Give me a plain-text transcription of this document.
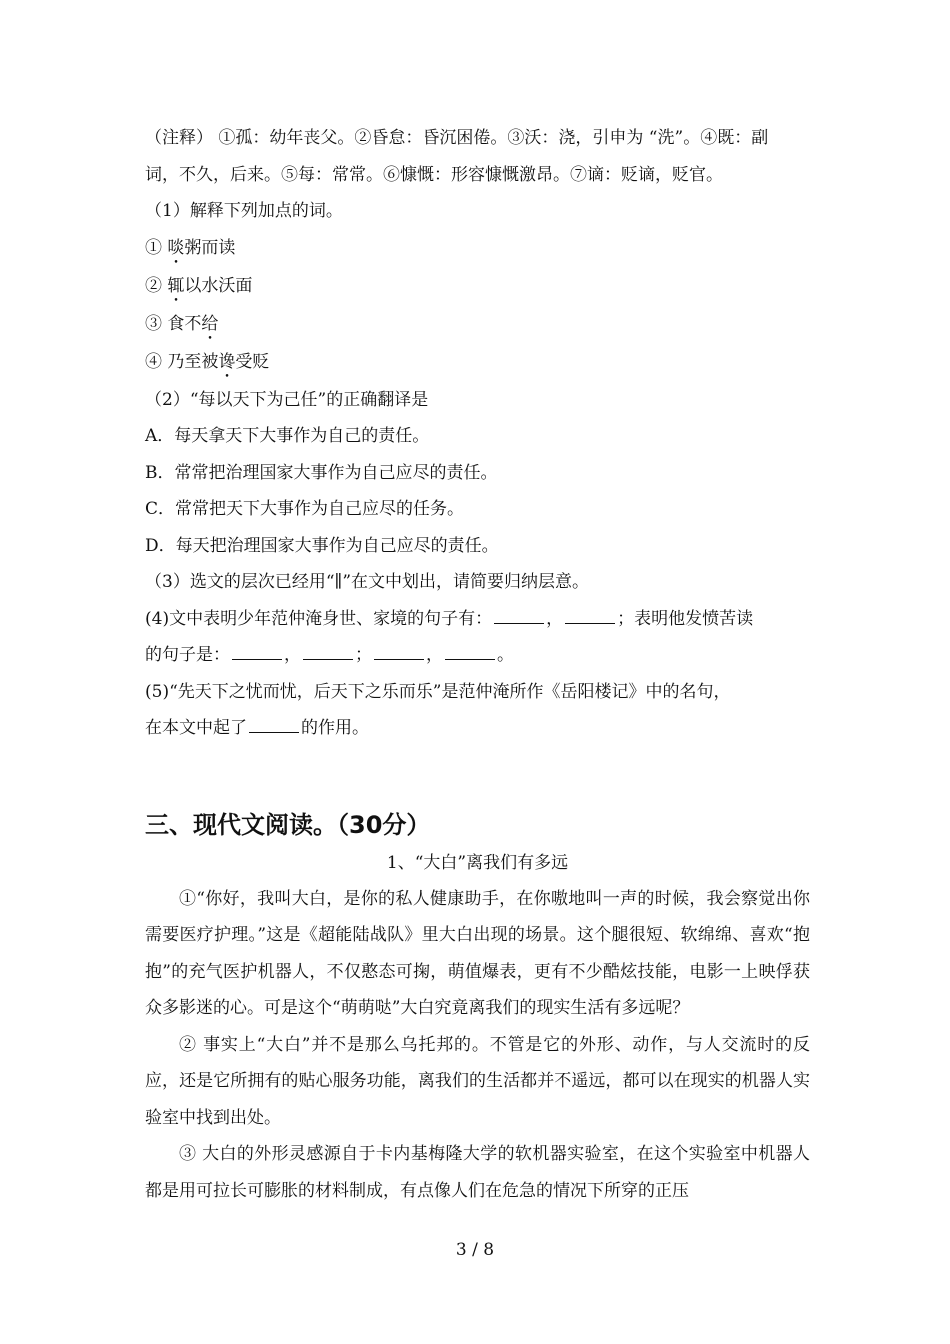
（注释） ①孤：幼年丧父。②昏怠：昏沉困倦。③沃：浇，引申为 “洗”。④既：副
词，不久，后来。⑤每：常常。⑥慷慨：形容慷慨激昂。⑦谪：贬谪，贬官。
（1）解释下列加点的词。
① 啖粥而读
② 辄以水沃面
③ 食不给
④ 乃至被谗受贬
（2）“每以天下为己任”的正确翻译是
A．每天拿天下大事作为自己的责任。
B．常常把治理国家大事作为自己应尽的责任。
C．常常把天下大事作为自己应尽的任务。
D．每天把治理国家大事作为自己应尽的责任。
（3）选文的层次已经用“∥”在文中划出，请简要归纳层意。
(4)文中表明少年范仲淹身世、家境的句子有：	，	；表明他发愤苦读
的句子是：	，	；	，	。
(5)“先天下之忧而忧，后天下之乐而乐”是范仲淹所作《岳阳楼记》中的名句，
在本文中起了	的作用。
三、现代文阅读。（30分）
1、“大白”离我们有多远
①“你好，我叫大白，是你的私人健康助手，在你嗷地叫一声的时候，我会察觉出你需要医疗护理。”这是《超能陆战队》里大白出现的场景。这个腿很短、软绵绵、喜欢“抱抱”的充气医护机器人，不仅憨态可掬，萌值爆表，更有不少酷炫技能，电影一上映俘获众多影迷的心。可是这个“萌萌哒”大白究竟离我们的现实生活有多远呢？
② 事实上“大白”并不是那么乌托邦的。不管是它的外形、动作，与人交流时的反应，还是它所拥有的贴心服务功能，离我们的生活都并不遥远，都可以在现实的机器人实验室中找到出处。
③ 大白的外形灵感源自于卡内基梅隆大学的软机器实验室，在这个实验室中机器人都是用可拉长可膨胀的材料制成，有点像人们在危急的情况下所穿的正压
3 / 8
